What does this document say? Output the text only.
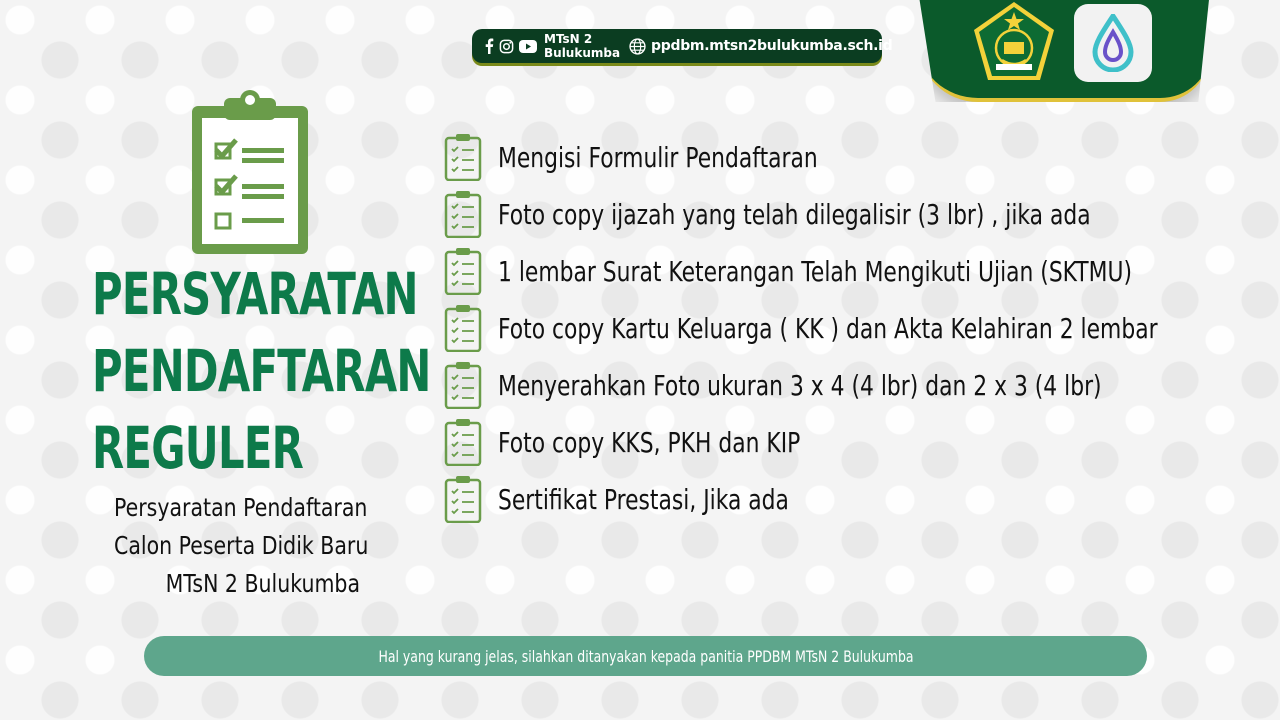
MTsN 2 Bulukumba ppdbm.mtsn2bulukumba.sch.id
PERSYARATAN
PENDAFTARAN
REGULER
Persyaratan Pendaftaran
Calon Peserta Didik Baru
MTsN 2 Bulukumba
Mengisi Formulir Pendaftaran
Foto copy ijazah yang telah dilegalisir (3 lbr) , jika ada
1 lembar Surat Keterangan Telah Mengikuti Ujian (SKTMU)
Foto copy Kartu Keluarga ( KK ) dan Akta Kelahiran 2 lembar
Menyerahkan Foto ukuran 3 x 4 (4 lbr) dan 2 x 3 (4 lbr)
Foto copy KKS, PKH dan KIP
Sertifikat Prestasi, Jika ada
Hal yang kurang jelas, silahkan ditanyakan kepada panitia PPDBM MTsN 2 Bulukumba
